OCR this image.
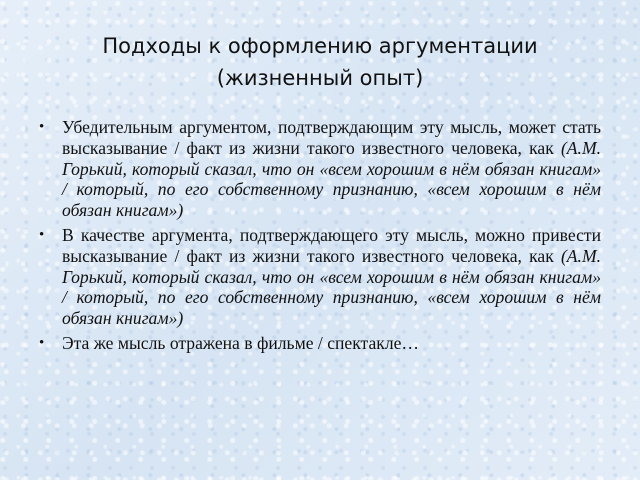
Подходы к оформлению аргументации
(жизненный опыт)
• Убедительным аргументом, подтверждающим эту мысль, может стать высказывание / факт из жизни такого известного человека, как (А.М. Горький, который сказал, что он «всем хорошим в нём обязан книгам» / который, по его собственному признанию, «всем хорошим в нём обязан книгам»)
• В качестве аргумента, подтверждающего эту мысль, можно привести высказывание / факт из жизни такого известного человека, как (А.М. Горький, который сказал, что он «всем хорошим в нём обязан книгам» / который, по его собственному признанию, «всем хорошим в нём обязан книгам»)
• Эта же мысль отражена в фильме / спектакле…
